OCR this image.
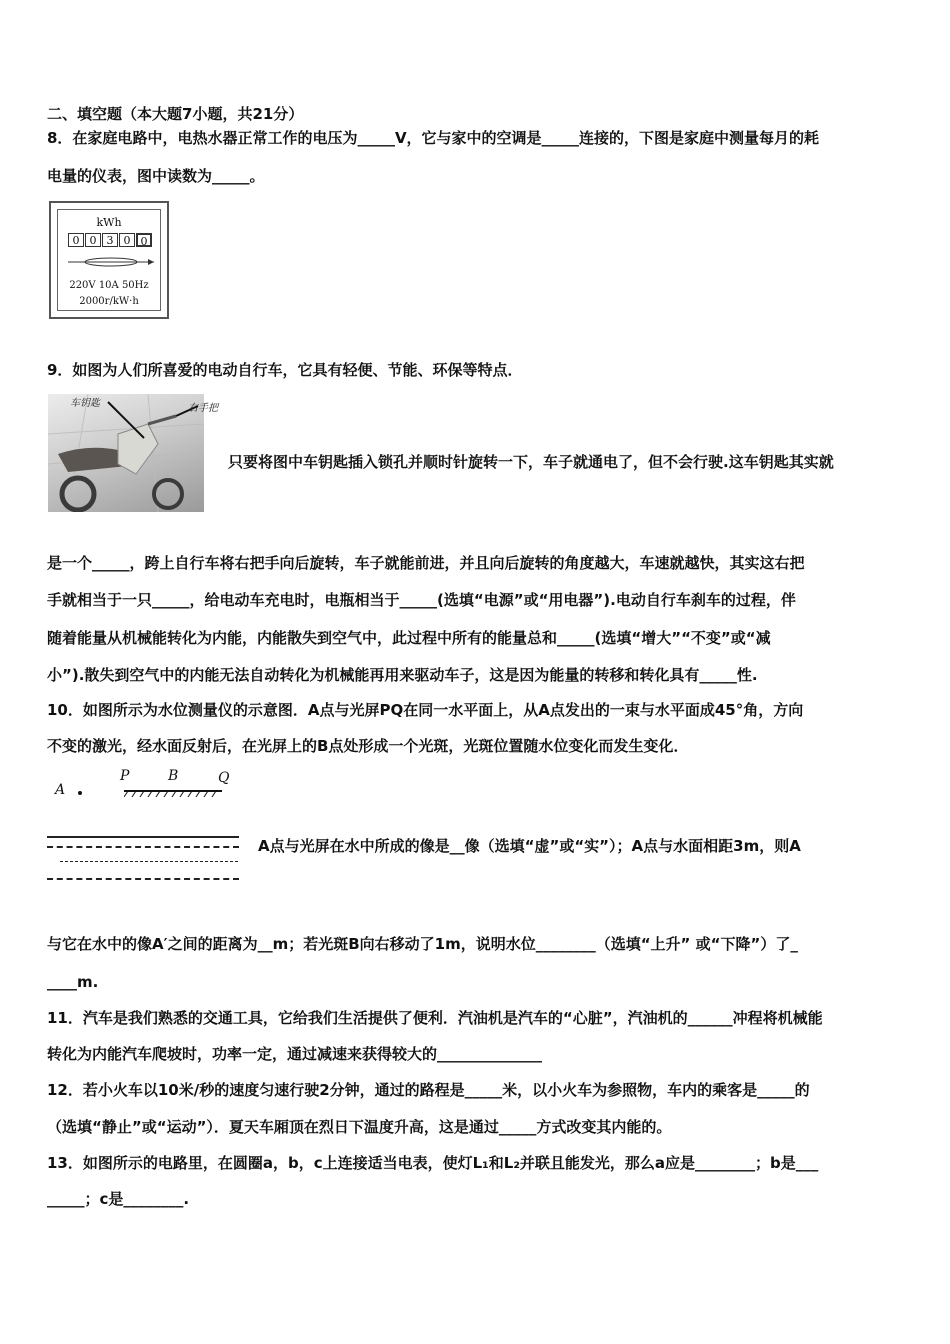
二、填空题（本大题7小题，共21分）
8．在家庭电路中，电热水器正常工作的电压为_____V，它与家中的空调是_____连接的，下图是家庭中测量每月的耗
电量的仪表，图中读数为_____。
kWh
0 0 3 0 0
220V 10A 50Hz
2000r/kW·h
9．如图为人们所喜爱的电动自行车，它具有轻便、节能、环保等特点．
车钥匙	右手把
只要将图中车钥匙插入锁孔并顺时针旋转一下，车子就通电了，但不会行驶.这车钥匙其实就
是一个_____，跨上自行车将右把手向后旋转，车子就能前进，并且向后旋转的角度越大，车速就越快，其实这右把
手就相当于一只_____，给电动车充电时，电瓶相当于_____(选填“电源”或“用电器”).电动自行车刹车的过程，伴
随着能量从机械能转化为内能，内能散失到空气中，此过程中所有的能量总和_____(选填“增大”“不变”或“减
小”).散失到空气中的内能无法自动转化为机械能再用来驱动车子，这是因为能量的转移和转化具有_____性.
10．如图所示为水位测量仪的示意图．A点与光屏PQ在同一水平面上，从A点发出的一束与水平面成45°角，方向
不变的激光，经水面反射后，在光屏上的B点处形成一个光斑，光斑位置随水位变化而发生变化．
A
P	B	Q
A点与光屏在水中所成的像是__像（选填“虚”或“实”）；A点与水面相距3m，则A
与它在水中的像A′之间的距离为__m；若光斑B向右移动了1m，说明水位________（选填“上升” 或“下降”）了_
____m.
11．汽车是我们熟悉的交通工具，它给我们生活提供了便利．汽油机是汽车的“心脏”，汽油机的______冲程将机械能
转化为内能汽车爬坡时，功率一定，通过减速来获得较大的______________
12．若小火车以10米/秒的速度匀速行驶2分钟，通过的路程是_____米，以小火车为参照物，车内的乘客是_____的
（选填“静止”或“运动”）．夏天车厢顶在烈日下温度升高，这是通过_____方式改变其内能的。
13．如图所示的电路里，在圆圈a，b，c上连接适当电表，使灯L₁和L₂并联且能发光，那么a应是________；b是___
_____；c是________.
